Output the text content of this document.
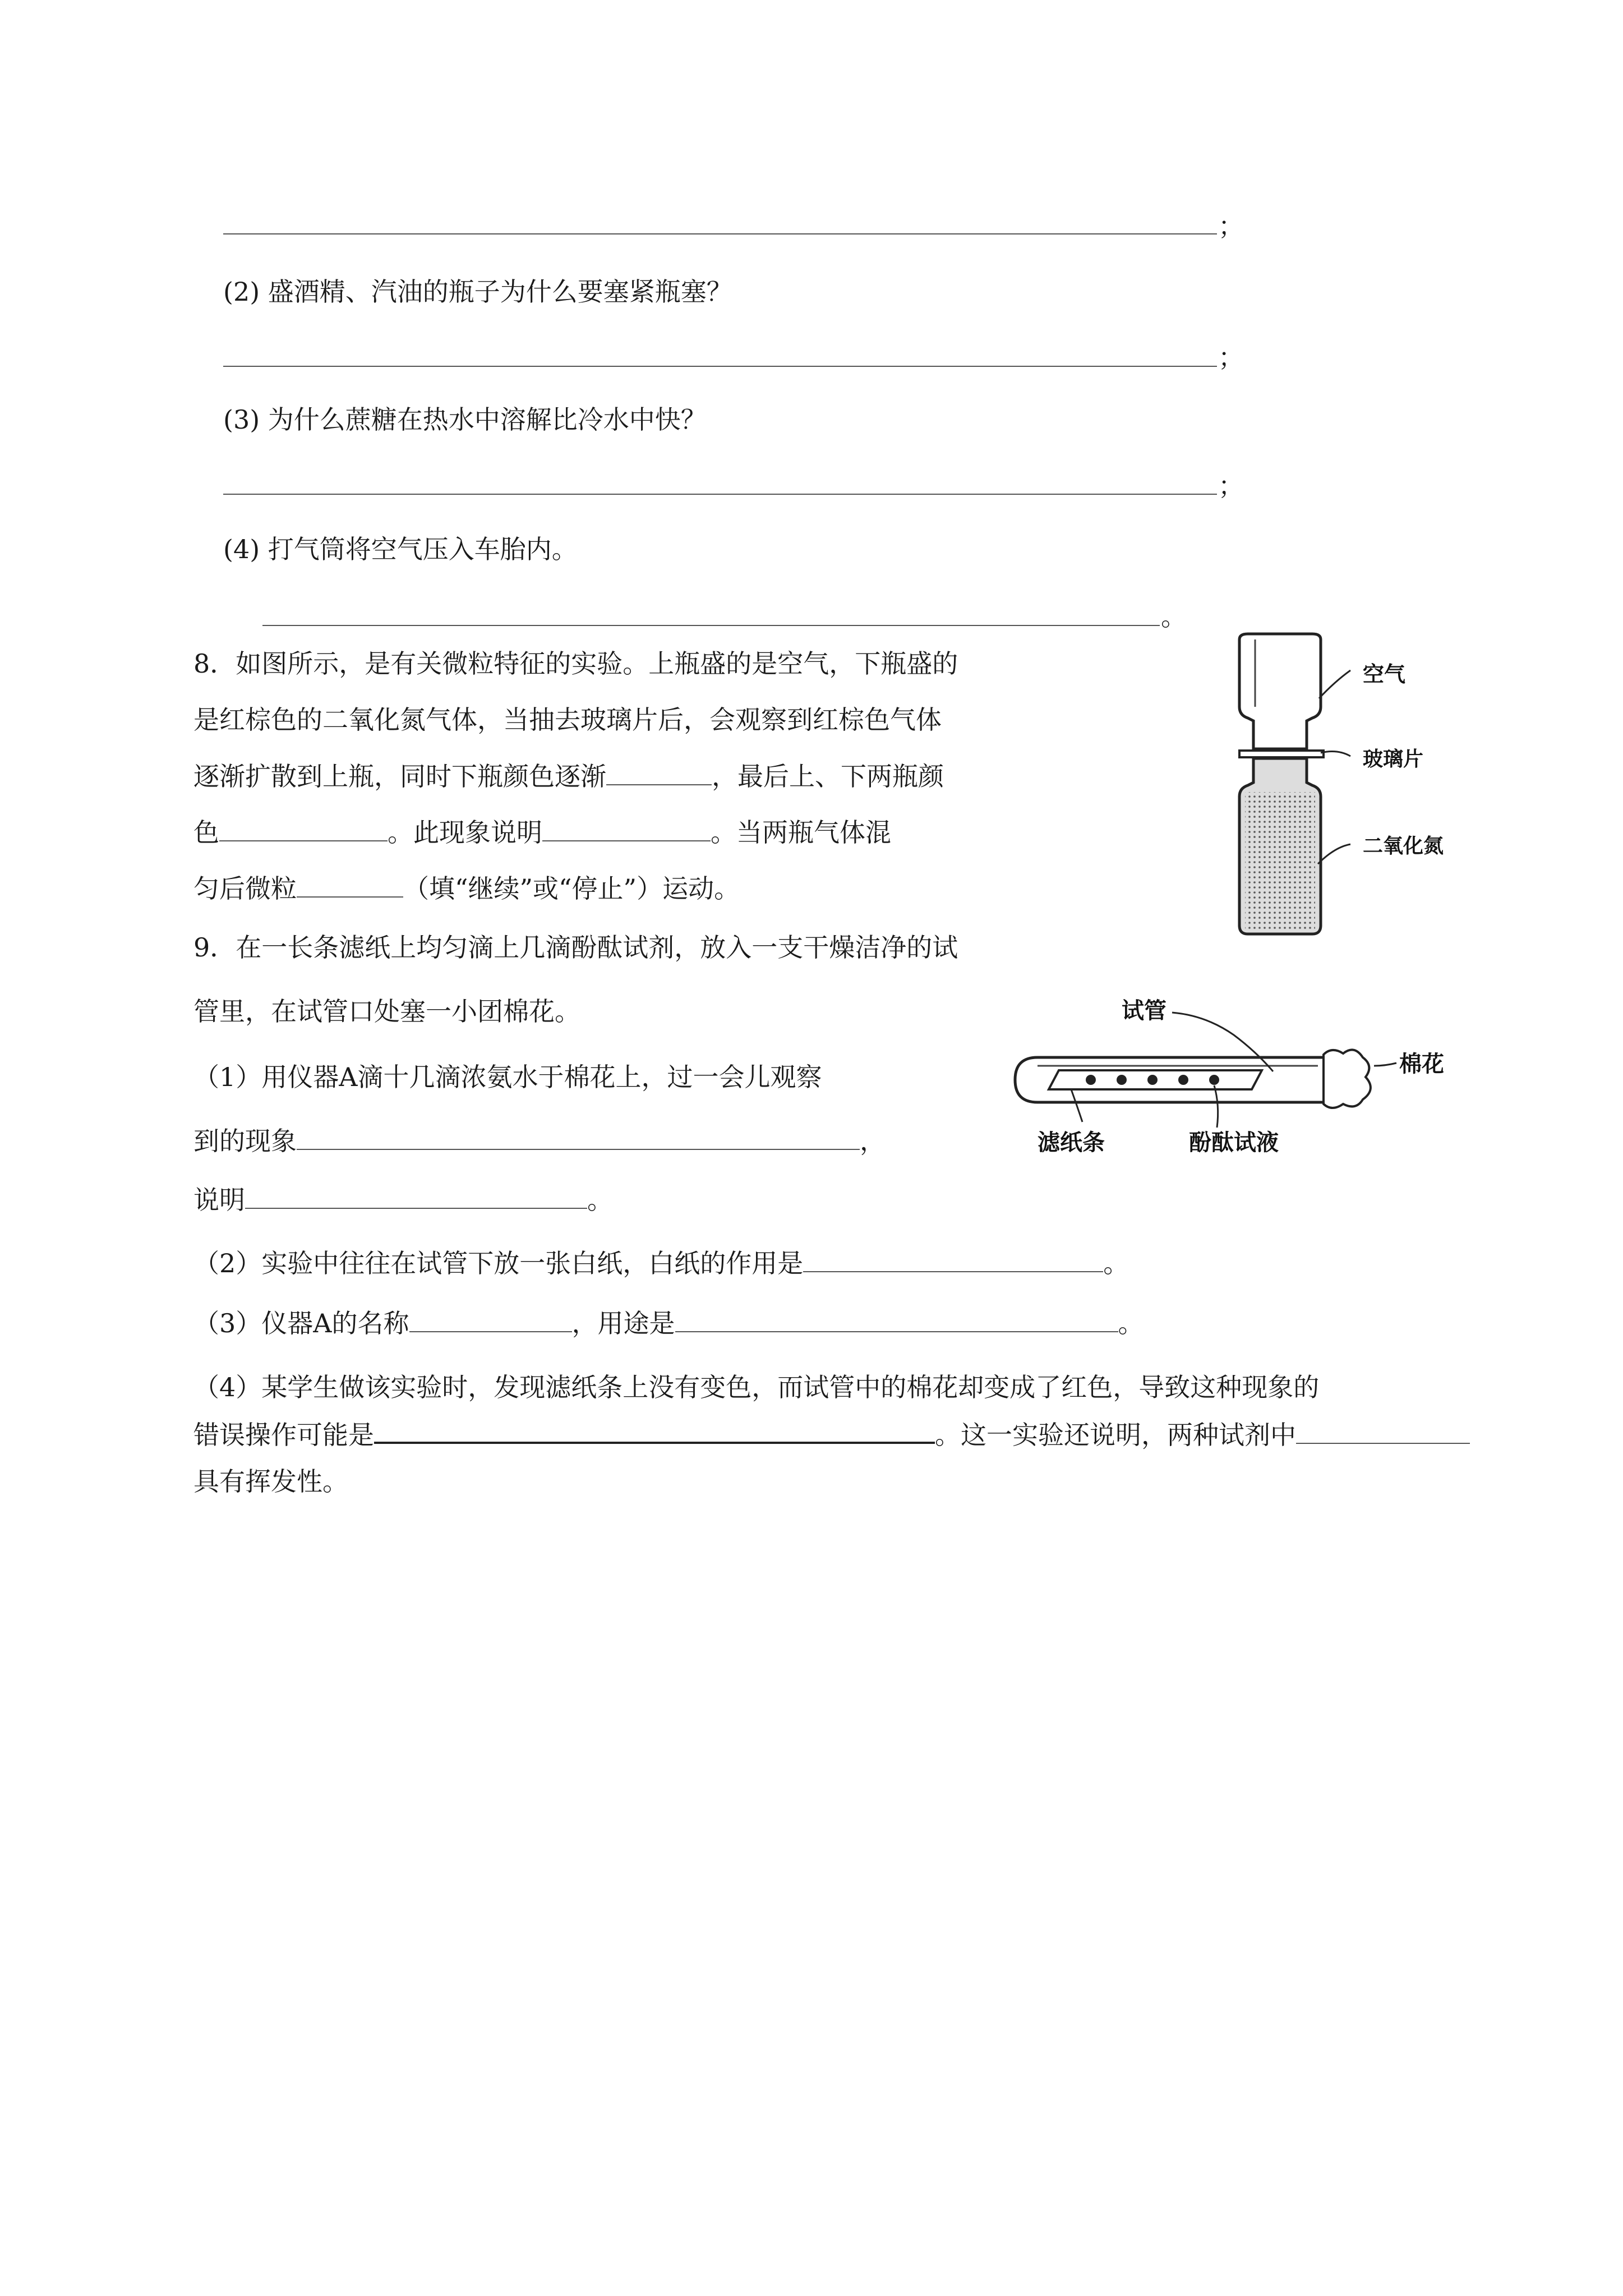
；
(2) 盛酒精、汽油的瓶子为什么要塞紧瓶塞？
；
(3) 为什么蔗糖在热水中溶解比冷水中快？
；
(4) 打气筒将空气压入车胎内。
。
8．如图所示，是有关微粒特征的实验。上瓶盛的是空气，下瓶盛的
是红棕色的二氧化氮气体，当抽去玻璃片后，会观察到红棕色气体
逐渐扩散到上瓶，同时下瓶颜色逐渐	，最后上、下两瓶颜
色	。此现象说明	。当两瓶气体混
匀后微粒	（填“继续”或“停止”）运动。
空气
玻璃片
二氧化氮
9．在一长条滤纸上均匀滴上几滴酚酞试剂，放入一支干燥洁净的试
管里，在试管口处塞一小团棉花。
（1）用仪器A滴十几滴浓氨水于棉花上，过一会儿观察
到的现象	，
说明	。
（2）实验中往往在试管下放一张白纸，白纸的作用是	。
（3）仪器A的名称	，用途是	。
（4）某学生做该实验时，发现滤纸条上没有变色，而试管中的棉花却变成了红色，导致这种现象的
错误操作可能是	。这一实验还说明，两种试剂中
具有挥发性。
试管
棉花
滤纸条	酚酞试液
